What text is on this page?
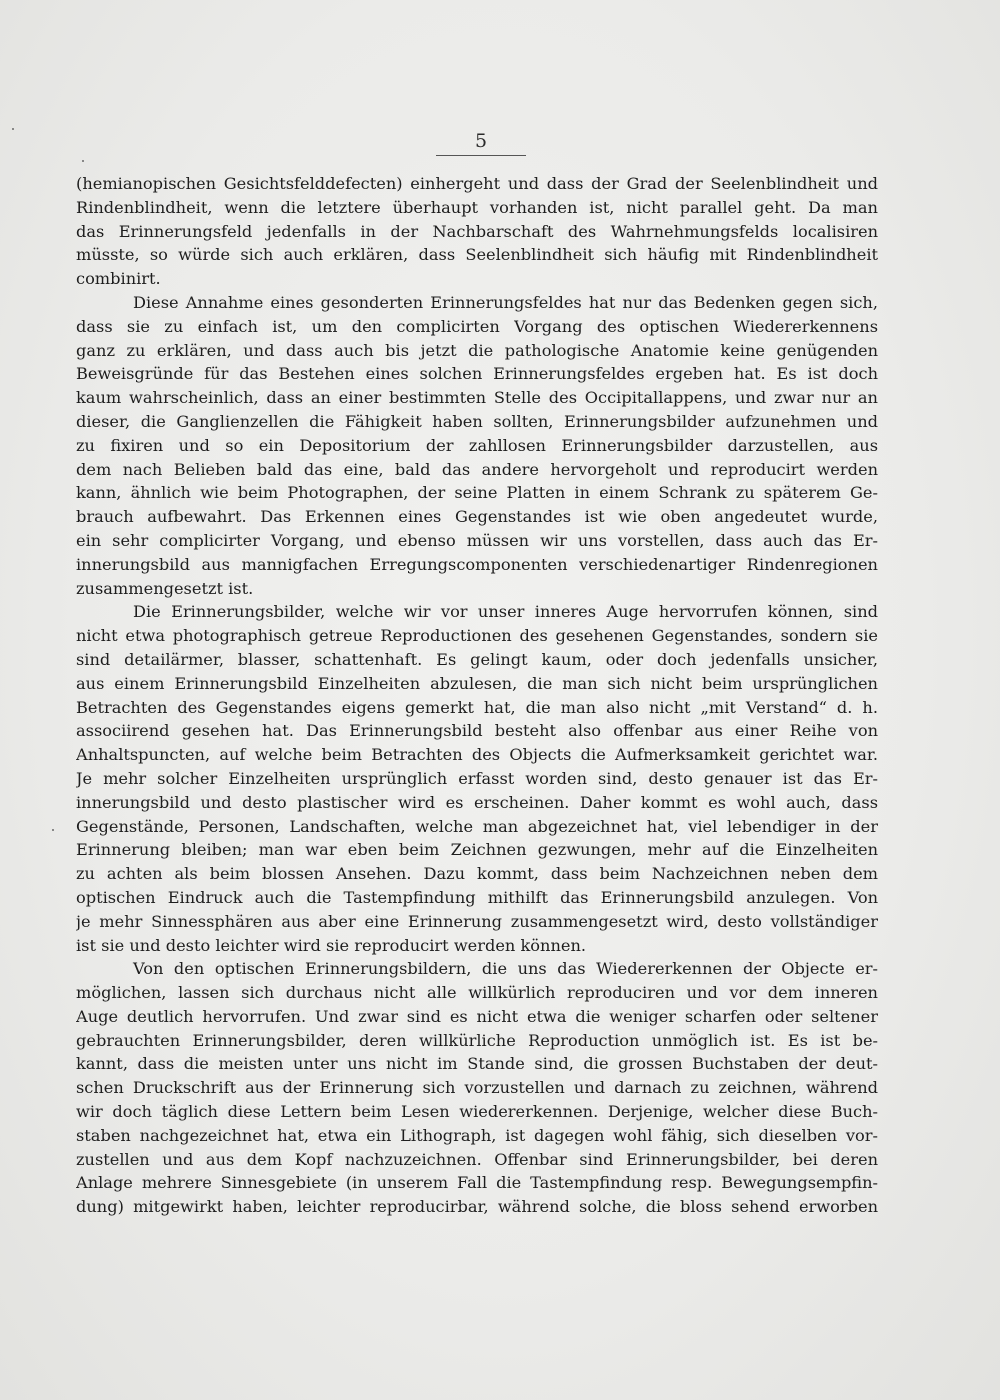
5
(hemianopischen Gesichtsfelddefecten) einhergeht und dass der Grad der Seelenblindheit und
Rindenblindheit, wenn die letztere überhaupt vorhanden ist, nicht parallel geht. Da man
das Erinnerungsfeld jedenfalls in der Nachbarschaft des Wahrnehmungsfelds localisiren
müsste, so würde sich auch erklären, dass Seelenblindheit sich häufig mit Rindenblindheit
combinirt.
Diese Annahme eines gesonderten Erinnerungsfeldes hat nur das Bedenken gegen sich,
dass sie zu einfach ist, um den complicirten Vorgang des optischen Wiedererkennens
ganz zu erklären, und dass auch bis jetzt die pathologische Anatomie keine genügenden
Beweisgründe für das Bestehen eines solchen Erinnerungsfeldes ergeben hat. Es ist doch
kaum wahrscheinlich, dass an einer bestimmten Stelle des Occipitallappens, und zwar nur an
dieser, die Ganglienzellen die Fähigkeit haben sollten, Erinnerungsbilder aufzunehmen und
zu fixiren und so ein Depositorium der zahllosen Erinnerungsbilder darzustellen, aus
dem nach Belieben bald das eine, bald das andere hervorgeholt und reproducirt werden
kann, ähnlich wie beim Photographen, der seine Platten in einem Schrank zu späterem Ge-
brauch aufbewahrt. Das Erkennen eines Gegenstandes ist wie oben angedeutet wurde,
ein sehr complicirter Vorgang, und ebenso müssen wir uns vorstellen, dass auch das Er-
innerungsbild aus mannigfachen Erregungscomponenten verschiedenartiger Rindenregionen
zusammengesetzt ist.
Die Erinnerungsbilder, welche wir vor unser inneres Auge hervorrufen können, sind
nicht etwa photographisch getreue Reproductionen des gesehenen Gegenstandes, sondern sie
sind detailärmer, blasser, schattenhaft. Es gelingt kaum, oder doch jedenfalls unsicher,
aus einem Erinnerungsbild Einzelheiten abzulesen, die man sich nicht beim ursprünglichen
Betrachten des Gegenstandes eigens gemerkt hat, die man also nicht „mit Verstand“ d. h.
associirend gesehen hat. Das Erinnerungsbild besteht also offenbar aus einer Reihe von
Anhaltspuncten, auf welche beim Betrachten des Objects die Aufmerksamkeit gerichtet war.
Je mehr solcher Einzelheiten ursprünglich erfasst worden sind, desto genauer ist das Er-
innerungsbild und desto plastischer wird es erscheinen. Daher kommt es wohl auch, dass
Gegenstände, Personen, Landschaften, welche man abgezeichnet hat, viel lebendiger in der
Erinnerung bleiben; man war eben beim Zeichnen gezwungen, mehr auf die Einzelheiten
zu achten als beim blossen Ansehen. Dazu kommt, dass beim Nachzeichnen neben dem
optischen Eindruck auch die Tastempfindung mithilft das Erinnerungsbild anzulegen. Von
je mehr Sinnessphären aus aber eine Erinnerung zusammengesetzt wird, desto vollständiger
ist sie und desto leichter wird sie reproducirt werden können.
Von den optischen Erinnerungsbildern, die uns das Wiedererkennen der Objecte er-
möglichen, lassen sich durchaus nicht alle willkürlich reproduciren und vor dem inneren
Auge deutlich hervorrufen. Und zwar sind es nicht etwa die weniger scharfen oder seltener
gebrauchten Erinnerungsbilder, deren willkürliche Reproduction unmöglich ist. Es ist be-
kannt, dass die meisten unter uns nicht im Stande sind, die grossen Buchstaben der deut-
schen Druckschrift aus der Erinnerung sich vorzustellen und darnach zu zeichnen, während
wir doch täglich diese Lettern beim Lesen wiedererkennen. Derjenige, welcher diese Buch-
staben nachgezeichnet hat, etwa ein Lithograph, ist dagegen wohl fähig, sich dieselben vor-
zustellen und aus dem Kopf nachzuzeichnen. Offenbar sind Erinnerungsbilder, bei deren
Anlage mehrere Sinnesgebiete (in unserem Fall die Tastempfindung resp. Bewegungsempfin-
dung) mitgewirkt haben, leichter reproducirbar, während solche, die bloss sehend erworben
